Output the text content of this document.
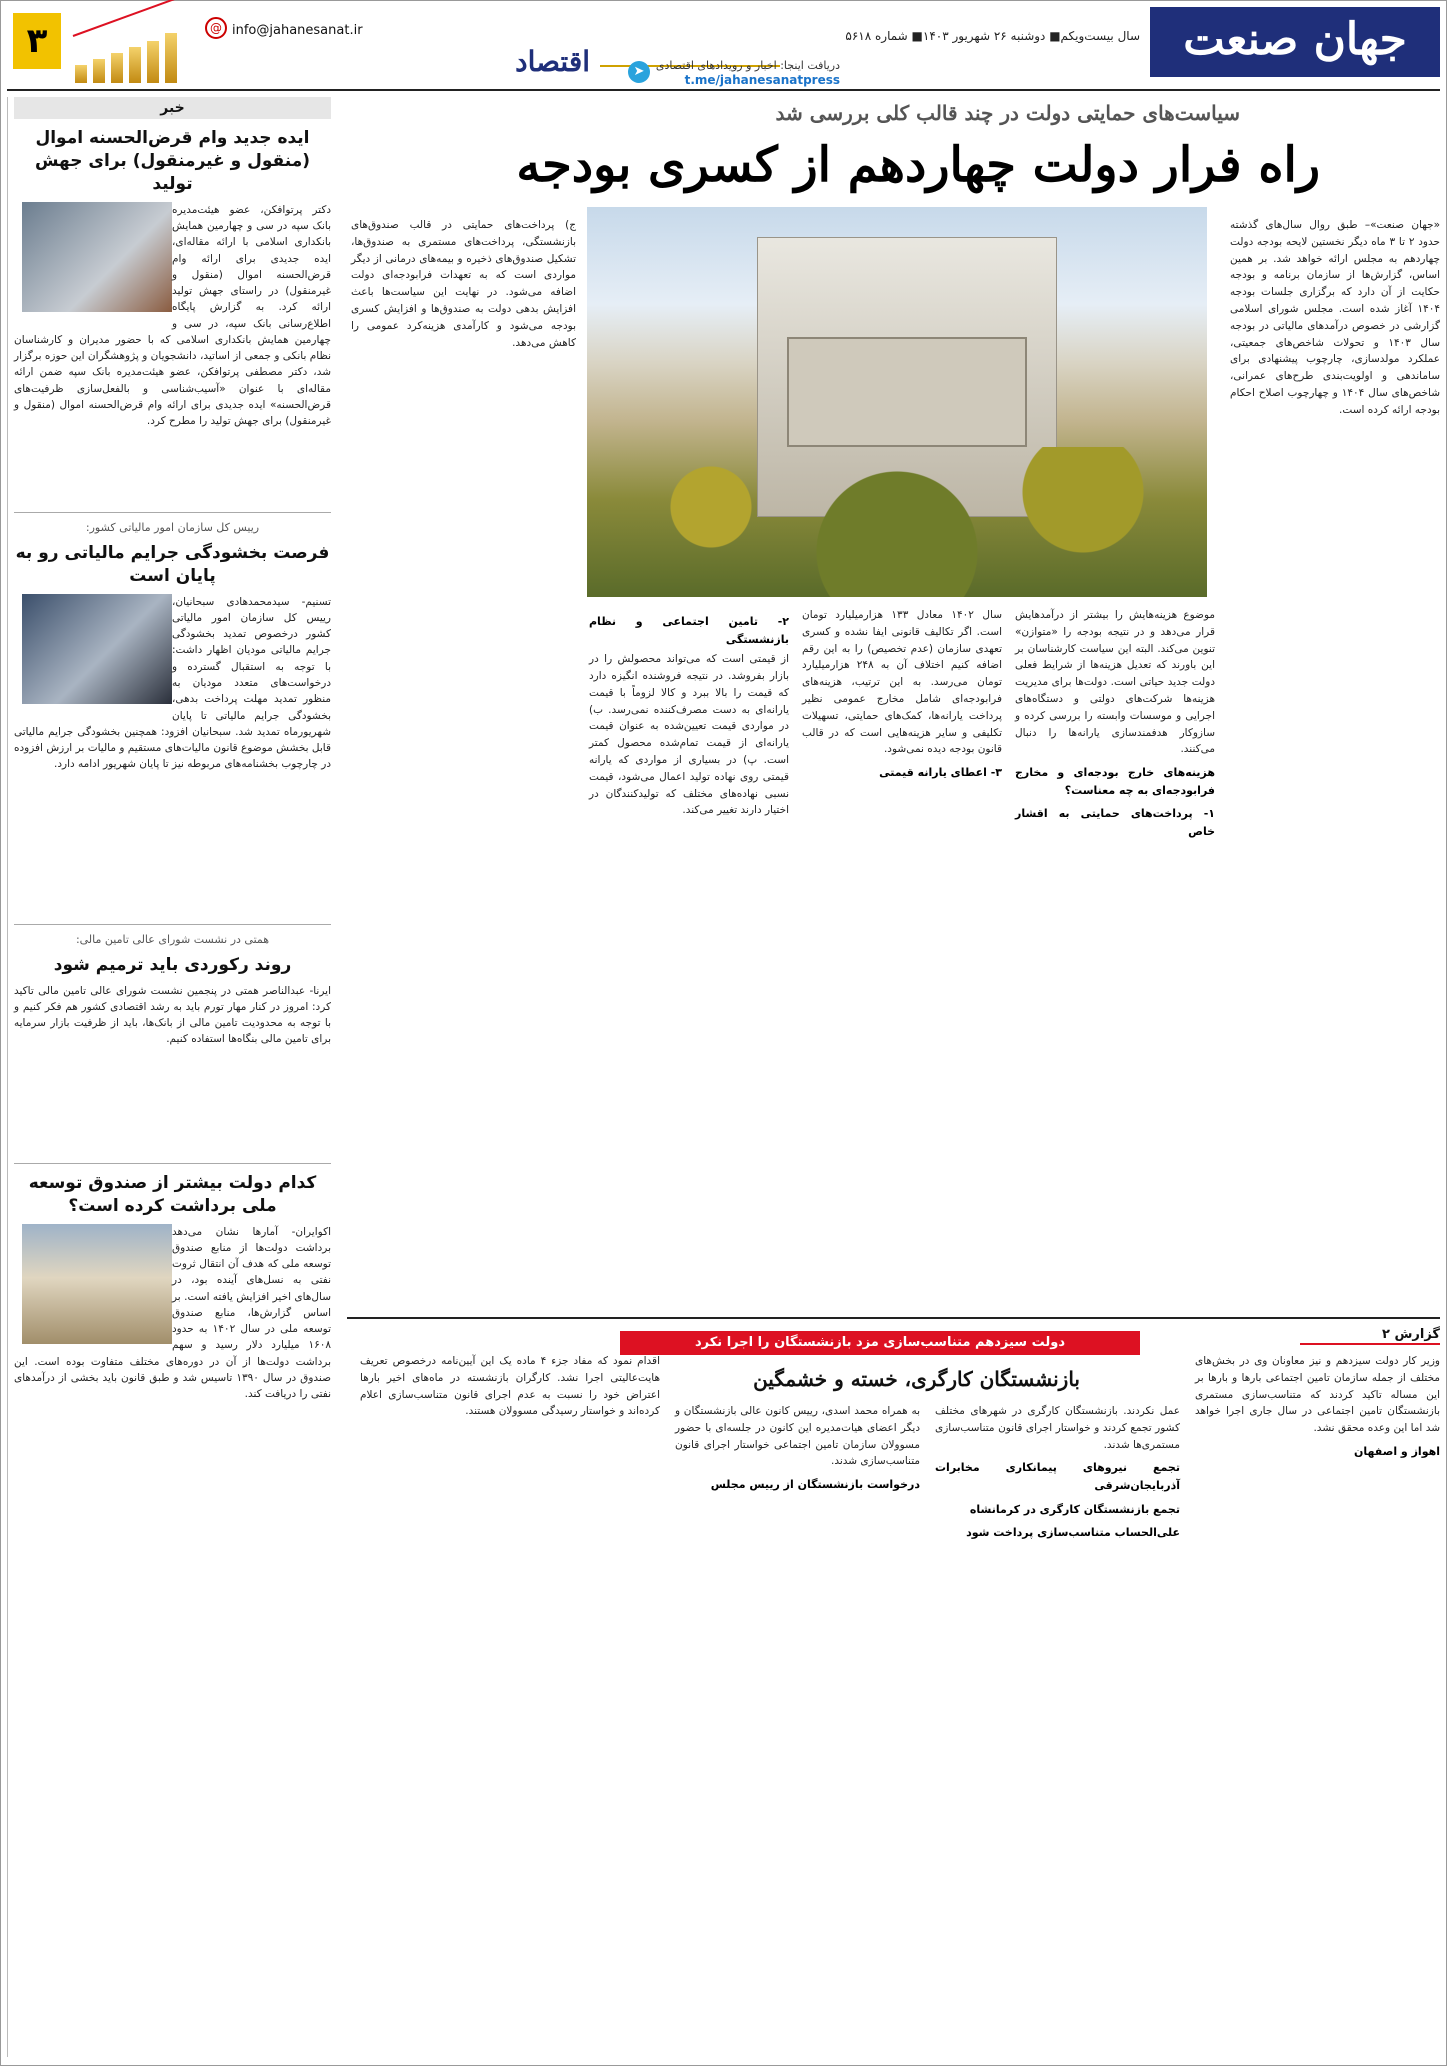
جهان صنعت
سال بیست‌ویکم■ دوشنبه ۲۶ شهریور ۱۴۰۳■ شماره ۵۶۱۸
اقتصاد	دریافت اینجا: اخبار و رویدادهای اقتصادی
t.me/jahanesanatpress
➤
@ info@jahanesanat.ir
۳
خبر
ایده جدید وام قرض‌الحسنه اموال (منقول و غیرمنقول) برای جهش تولید
دکتر پرتوافکن، عضو هیئت‌مدیره بانک سپه در سی و چهارمین همایش بانکداری اسلامی با ارائه مقاله‌ای، ایده جدیدی برای ارائه وام قرض‌الحسنه اموال (منقول و غیرمنقول) در راستای جهش تولید ارائه کرد. به گزارش پایگاه اطلاع‌رسانی بانک سپه، در سی و چهارمین همایش بانکداری اسلامی که با حضور مدیران و کارشناسان نظام بانکی و جمعی از اساتید، دانشجویان و پژوهشگران این حوزه برگزار شد، دکتر مصطفی پرتوافکن، عضو هیئت‌مدیره بانک سپه ضمن ارائه مقاله‌ای با عنوان «آسیب‌شناسی و بالفعل‌سازی ظرفیت‌های قرض‌الحسنه» ایده جدیدی برای ارائه وام قرض‌الحسنه اموال (منقول و غیرمنقول) برای جهش تولید را مطرح کرد.
رییس کل سازمان امور مالیاتی کشور:
فرصت بخشودگی جرایم مالیاتی رو به پایان است
تسنیم- سیدمحمدهادی سبحانیان، رییس کل سازمان امور مالیاتی کشور درخصوص تمدید بخشودگی جرایم مالیاتی مودیان اظهار داشت: با توجه به استقبال گسترده و درخواست‌های متعدد مودیان به منظور تمدید مهلت پرداخت بدهی، بخشودگی جرایم مالیاتی تا پایان شهریورماه تمدید شد. سبحانیان افزود: همچنین بخشودگی جرایم مالیاتی قابل بخشش موضوع قانون مالیات‌های مستقیم و مالیات بر ارزش افزوده در چارچوب بخشنامه‌های مربوطه نیز تا پایان شهریور ادامه دارد.
همتی در نشست شورای عالی تامین مالی:
روند رکوردی باید ترمیم شود
ایرنا- عبدالناصر همتی در پنجمین نشست شورای عالی تامین مالی تاکید کرد: امروز در کنار مهار تورم باید به رشد اقتصادی کشور هم فکر کنیم و با توجه به محدودیت تامین مالی از بانک‌ها، باید از ظرفیت بازار سرمایه برای تامین مالی بنگاه‌ها استفاده کنیم.
کدام دولت بیشتر از صندوق توسعه ملی برداشت کرده است؟
اکوایران- آمارها نشان می‌دهد برداشت دولت‌ها از منابع صندوق توسعه ملی که هدف آن انتقال ثروت نفتی به نسل‌های آینده بود، در سال‌های اخیر افزایش یافته است. بر اساس گزارش‌ها، منابع صندوق توسعه ملی در سال ۱۴۰۲ به حدود ۱۶۰۸ میلیارد دلار رسید و سهم برداشت دولت‌ها از آن در دوره‌های مختلف متفاوت بوده است. این صندوق در سال ۱۳۹۰ تاسیس شد و طبق قانون باید بخشی از درآمدهای نفتی را دریافت کند.
سیاست‌های حمایتی دولت در چند قالب کلی بررسی شد
راه فرار دولت چهاردهم از کسری بودجه
«جهان صنعت»– طبق روال سال‌های گذشته حدود ۲ تا ۳ ماه دیگر نخستین لایحه بودجه دولت چهاردهم به مجلس ارائه خواهد شد. بر همین اساس، گزارش‌ها از سازمان برنامه و بودجه حکایت از آن دارد که برگزاری جلسات بودجه ۱۴۰۴ آغاز شده است. مجلس شورای اسلامی گزارشی در خصوص درآمدهای مالیاتی در بودجه سال ۱۴۰۳ و تحولات شاخص‌های جمعیتی، عملکرد مولدسازی، چارچوب پیشنهادی برای ساماندهی و اولویت‌بندی طرح‌های عمرانی، شاخص‌های سال ۱۴۰۴ و چهارچوب اصلاح احکام بودجه ارائه کرده است.
موضوع هزینه‌هایش را بیشتر از درآمدهایش قرار می‌دهد و در نتیجه بودجه را «متوازن» تنوین می‌کند. البته این سیاست کارشناسان بر این باورند که تعدیل هزینه‌ها از شرایط فعلی دولت جدید حیاتی است. دولت‌ها برای مدیریت هزینه‌ها شرکت‌های دولتی و دستگاه‌های اجرایی و موسسات وابسته را بررسی کرده و سازوکار هدفمندسازی یارانه‌ها را دنبال می‌کنند.
هزینه‌های خارج بودجه‌ای و مخارج فرابودجه‌ای به چه معناست؟
۱- پرداخت‌های حمایتی به اقشار خاص
سال ۱۴۰۲ معادل ۱۳۳ هزارمیلیارد تومان است. اگر تکالیف قانونی ایفا نشده و کسری تعهدی سازمان (عدم تخصیص) را به این رقم اضافه کنیم اختلاف آن به ۲۴۸ هزارمیلیارد تومان می‌رسد. به این ترتیب، هزینه‌های فرابودجه‌ای شامل مخارج عمومی نظیر پرداخت یارانه‌ها، کمک‌های حمایتی، تسهیلات تکلیفی و سایر هزینه‌هایی است که در قالب قانون بودجه دیده نمی‌شود.
۳- اعطای یارانه قیمتی
۲- تامین اجتماعی و نظام بازنشستگی
از قیمتی است که می‌تواند محصولش را در بازار بفروشد. در نتیجه فروشنده انگیزه دارد که قیمت را بالا ببرد و کالا لزوماً با قیمت یارانه‌ای به دست مصرف‌کننده نمی‌رسد. ب) در مواردی قیمت تعیین‌شده به عنوان قیمت یارانه‌ای از قیمت تمام‌شده محصول کمتر است. پ) در بسیاری از مواردی که یارانه قیمتی روی نهاده تولید اعمال می‌شود، قیمت نسبی نهاده‌های مختلف که تولیدکنندگان در اختیار دارند تغییر می‌کند.
ج) پرداخت‌های حمایتی در قالب صندوق‌های بازنشستگی، پرداخت‌های مستمری به صندوق‌ها، تشکیل صندوق‌های ذخیره و بیمه‌های درمانی از دیگر مواردی است که به تعهدات فرابودجه‌ای دولت اضافه می‌شود. در نهایت این سیاست‌ها باعث افزایش بدهی دولت به صندوق‌ها و افزایش کسری بودجه می‌شود و کارآمدی هزینه‌کرد عمومی را کاهش می‌دهد.
گزارش ۲
دولت سیزدهم متناسب‌سازی مزد بازنشستگان را اجرا نکرد
بازنشستگان کارگری، خسته و خشمگین
وزیر کار دولت سیزدهم و نیز معاونان وی در بخش‌های مختلف از جمله سازمان تامین اجتماعی بارها و بارها بر این مساله تاکید کردند که متناسب‌سازی مستمری بازنشستگان تامین اجتماعی در سال جاری اجرا خواهد شد اما این وعده محقق نشد.
اهواز و اصفهان
عمل نکردند. بازنشستگان کارگری در شهرهای مختلف کشور تجمع کردند و خواستار اجرای قانون متناسب‌سازی مستمری‌ها شدند.
تجمع نیروهای پیمانکاری مخابرات آذربایجان‌شرقی
تجمع بازنشستگان کارگری در کرمانشاه
علی‌الحساب متناسب‌سازی پرداخت شود
به همراه محمد اسدی، رییس کانون عالی بازنشستگان و دیگر اعضای هیات‌مدیره این کانون در جلسه‌ای با حضور مسوولان سازمان تامین اجتماعی خواستار اجرای قانون متناسب‌سازی شدند.
درخواست بازنشستگان از رییس مجلس
اقدام نمود که مفاد جزء ۴ ماده یک این آیین‌نامه درخصوص تعریف هایت‌عالیتی اجرا نشد. کارگران بازنشسته در ماه‌های اخیر بارها اعتراض خود را نسبت به عدم اجرای قانون متناسب‌سازی اعلام کرده‌اند و خواستار رسیدگی مسوولان هستند.
